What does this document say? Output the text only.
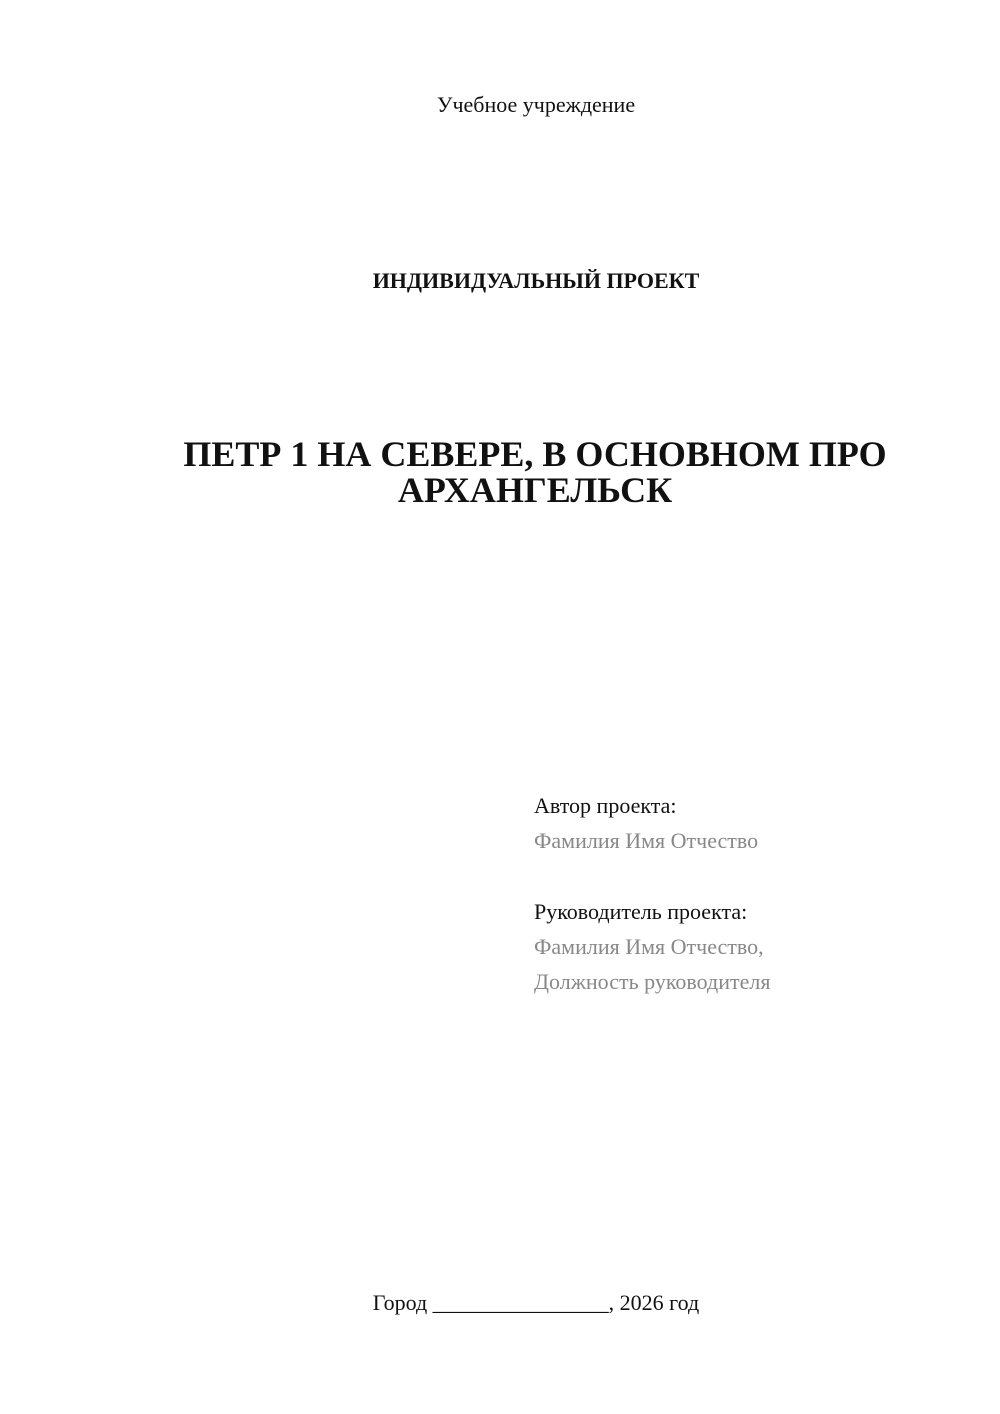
Учебное учреждение
ИНДИВИДУАЛЬНЫЙ ПРОЕКТ
ПЕТР 1 НА СЕВЕРЕ, В ОСНОВНОМ ПРО
АРХАНГЕЛЬСК
Автор проекта:
Фамилия Имя Отчество
Руководитель проекта:
Фамилия Имя Отчество,
Должность руководителя
Город ________________, 2026 год
